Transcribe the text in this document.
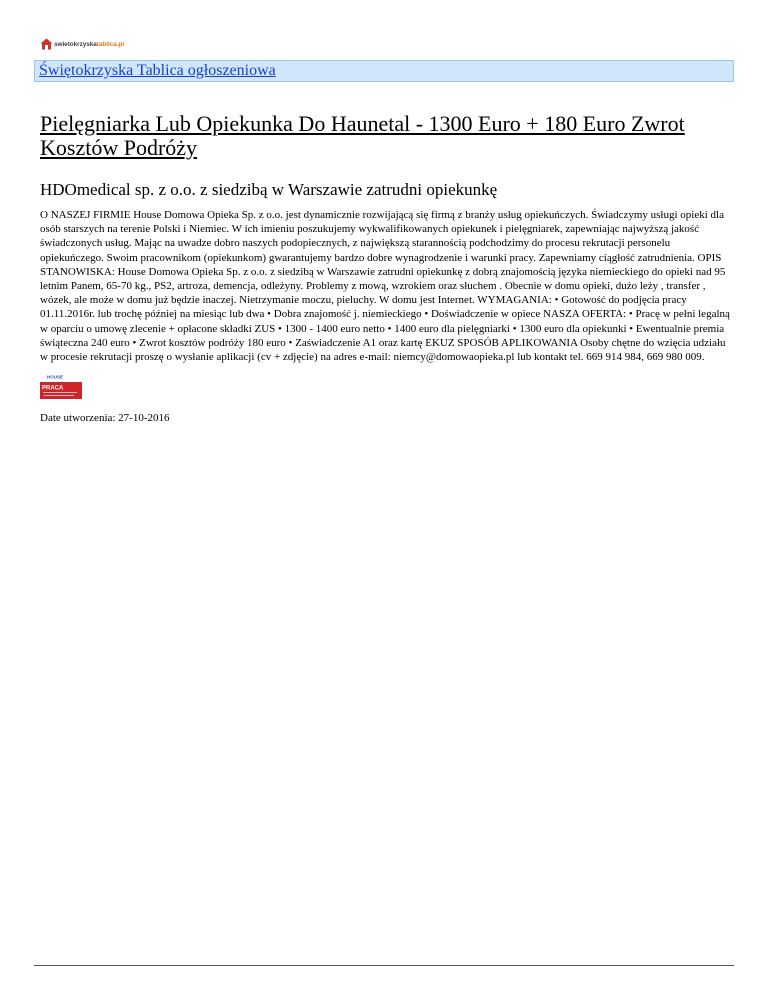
swietokrzyskatablica.pl
Świętokrzyska Tablica ogłoszeniowa
Pielęgniarka Lub Opiekunka Do Haunetal - 1300 Euro + 180 Euro Zwrot Kosztów Podróży
HDOmedical sp. z o.o. z siedzibą w Warszawie zatrudni opiekunkę

O NASZEJ FIRMIE House Domowa Opieka Sp. z o.o. jest dynamicznie rozwijającą się firmą z branży usług opiekuńczych. Świadczymy usługi opieki dla osób starszych na terenie Polski i Niemiec. W ich imieniu poszukujemy wykwalifikowanych opiekunek i pielęgniarek, zapewniając najwyższą jakość świadczonych usług. Mając na uwadze dobro naszych podopiecznych, z największą starannością podchodzimy do procesu rekrutacji personelu opiekuńczego. Swoim pracownikom (opiekunkom) gwarantujemy bardzo dobre wynagrodzenie i warunki pracy. Zapewniamy ciągłość zatrudnienia. OPIS STANOWISKA: House Domowa Opieka Sp. z o.o. z siedzibą w Warszawie zatrudni opiekunkę z dobrą znajomością języka niemieckiego do opieki nad 95 letnim Panem, 65-70 kg., PS2, artroza, demencja, odleżyny. Problemy z mową, wzrokiem oraz słuchem . Obecnie w domu opieki, dużo leży , transfer , wózek, ale może w domu już będzie inaczej. Nietrzymanie moczu, pieluchy. W domu jest Internet. WYMAGANIA: • Gotowość do podjęcia pracy 01.11.2016r. lub trochę później na miesiąc lub dwa • Dobra znajomość j. niemieckiego • Doświadczenie w opiece NASZA OFERTA: • Pracę w pełni legalną w oparciu o umowę zlecenie + opłacone składki ZUS • 1300 - 1400 euro netto • 1400 euro dla pielęgniarki • 1300 euro dla opiekunki • Ewentualnie premia świąteczna 240 euro • Zwrot kosztów podróży 180 euro • Zaświadczenie A1 oraz kartę EKUZ SPOSÓB APLIKOWANIA Osoby chętne do wzięcia udziału w procesie rekrutacji proszę o wysłanie aplikacji (cv + zdjęcie) na adres e-mail: niemcy@domowaopieka.pl lub kontakt tel. 669 914 984, 669 980 009.

HOUSE
PRACA
Date utworzenia: 27-10-2016
